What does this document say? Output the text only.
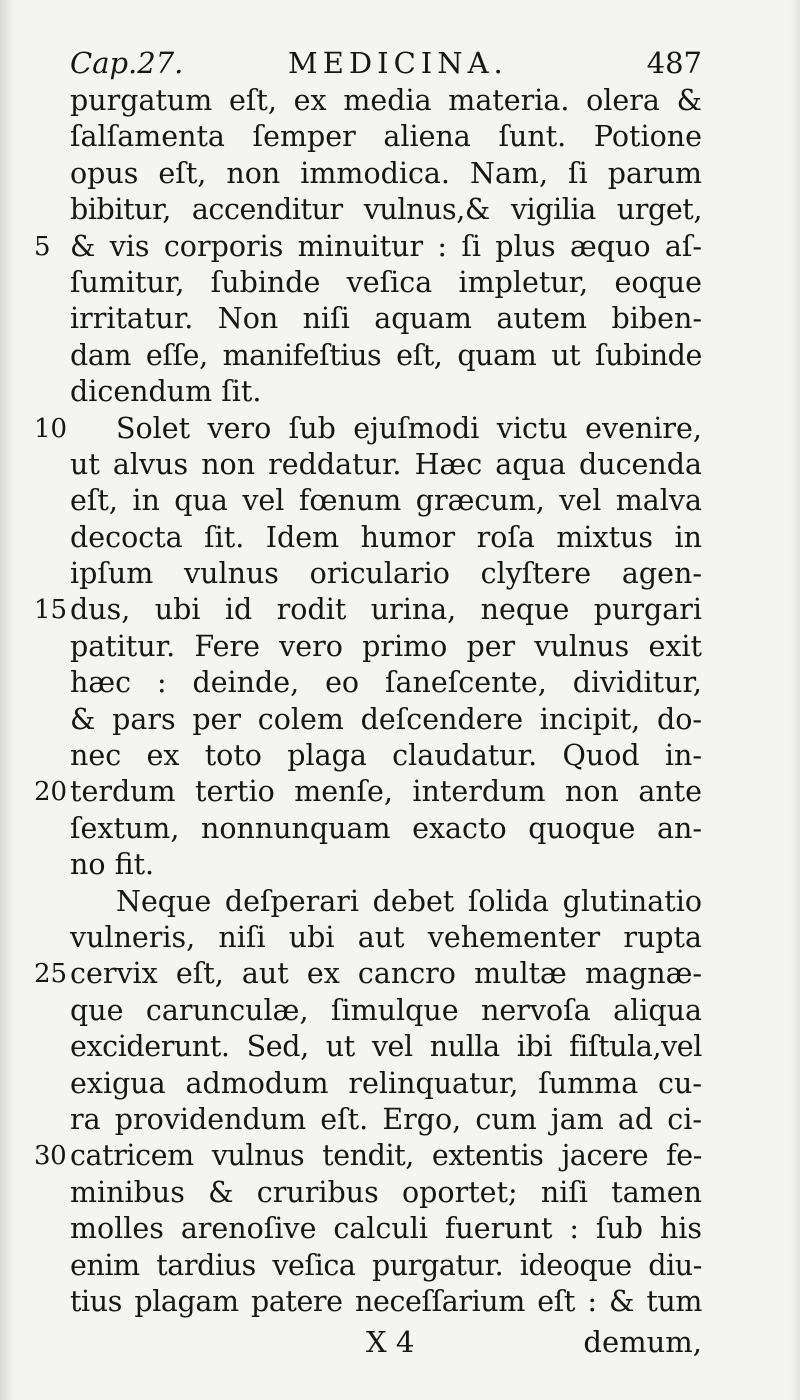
Cap.27.	MEDICINA.	487
purgatum eſt, ex media materia. olera &
ſalſamenta ſemper aliena ſunt. Potione
opus eſt, non immodica. Nam, ſi parum
bibitur, accenditur vulnus,& vigilia urget,
5 & vis corporis minuitur : ſi plus æquo aſ-
ſumitur, ſubinde veſica impletur, eoque
irritatur. Non niſi aquam autem biben-
dam eſſe, manifeſtius eſt, quam ut ſubinde
dicendum ſit.
10 Solet vero ſub ejuſmodi victu evenire,
ut alvus non reddatur. Hæc aqua ducenda
eſt, in qua vel fœnum græcum, vel malva
decocta ſit. Idem humor roſa mixtus in
ipſum vulnus oriculario clyſtere agen-
15 dus, ubi id rodit urina, neque purgari
patitur. Fere vero primo per vulnus exit
hæc : deinde, eo ſaneſcente, dividitur,
& pars per colem deſcendere incipit, do-
nec ex toto plaga claudatur. Quod in-
20 terdum tertio menſe, interdum non ante
ſextum, nonnunquam exacto quoque an-
no fit.
Neque deſperari debet ſolida glutinatio
vulneris, niſi ubi aut vehementer rupta
25 cervix eſt, aut ex cancro multæ magnæ-
que carunculæ, ſimulque nervoſa aliqua
exciderunt. Sed, ut vel nulla ibi fiſtula,vel
exigua admodum relinquatur, ſumma cu-
ra providendum eſt. Ergo, cum jam ad ci-
30 catricem vulnus tendit, extentis jacere fe-
minibus & cruribus oportet; niſi tamen
molles arenoſive calculi fuerunt : ſub his
enim tardius veſica purgatur. ideoque diu-
tius plagam patere neceſſarium eſt : & tum
X 4	demum,
